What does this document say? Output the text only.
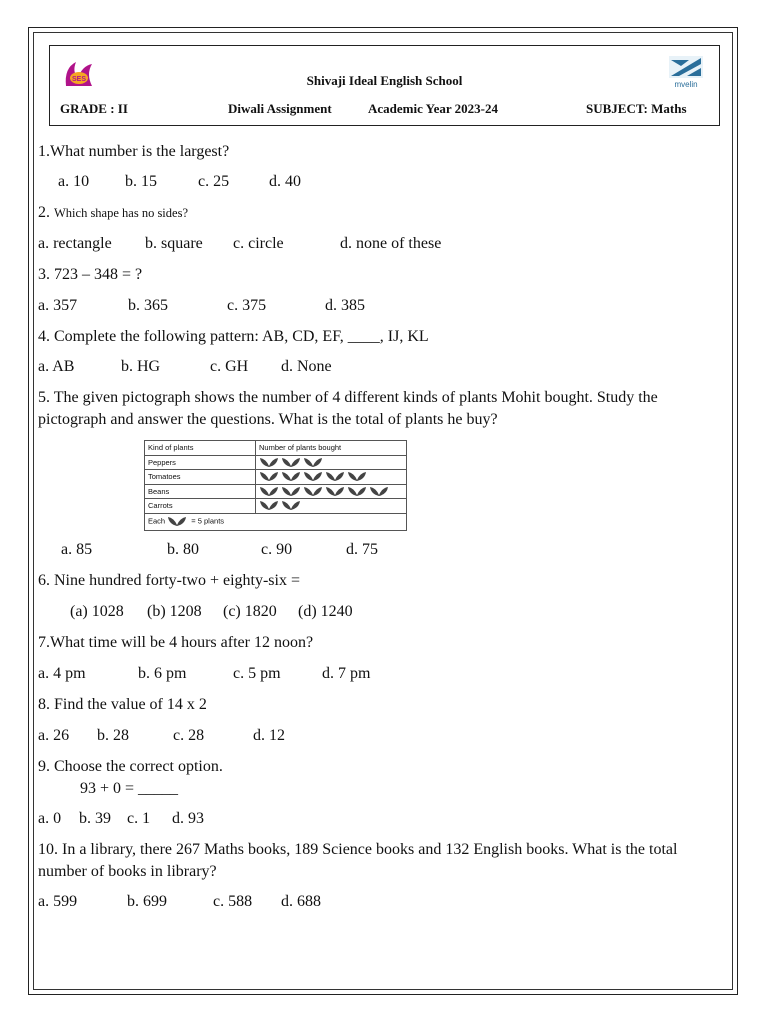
SES	Shivaji Ideal English School
GRADE : II	Diwali Assignment	Academic Year 2023-24	SUBJECT: Maths
mvelin
1.What number is the largest?
a. 10 b. 15	c. 25 d. 40
2. Which shape has no sides?
a. rectangle b. square c. circle	d. none of these
3. 723 – 348 = ?
a. 357	b. 365	c. 375	d. 385
4. Complete the following pattern: AB, CD, EF, ____, IJ, KL
a. AB	b. HG	c. GH d. None
5. The given pictograph shows the number of 4 different kinds of plants Mohit bought. Study the pictograph and answer the questions. What is the total of plants he buy?
a. 85	b. 80	c. 90	d. 75
6. Nine hundred forty-two + eighty-six =
(a) 1028 (b) 1208 (c) 1820 (d) 1240
7.What time will be 4 hours after 12 noon?
a. 4 pm	b. 6 pm	c. 5 pm	d. 7 pm
8. Find the value of 14 x 2
a. 26 b. 28	c. 28	d. 12
9. Choose the correct option.
93 + 0 = _____
a. 0 b. 39 c. 1 d. 93
10. In a library, there 267 Maths books, 189 Science books and 132 English books. What is the total number of books in library?
a. 599	b. 699	c. 588 d. 688
Kind of plants	Number of plants bought
Peppers	
Tomatoes	
Beans	
Carrots	
Each = 5 plants	
